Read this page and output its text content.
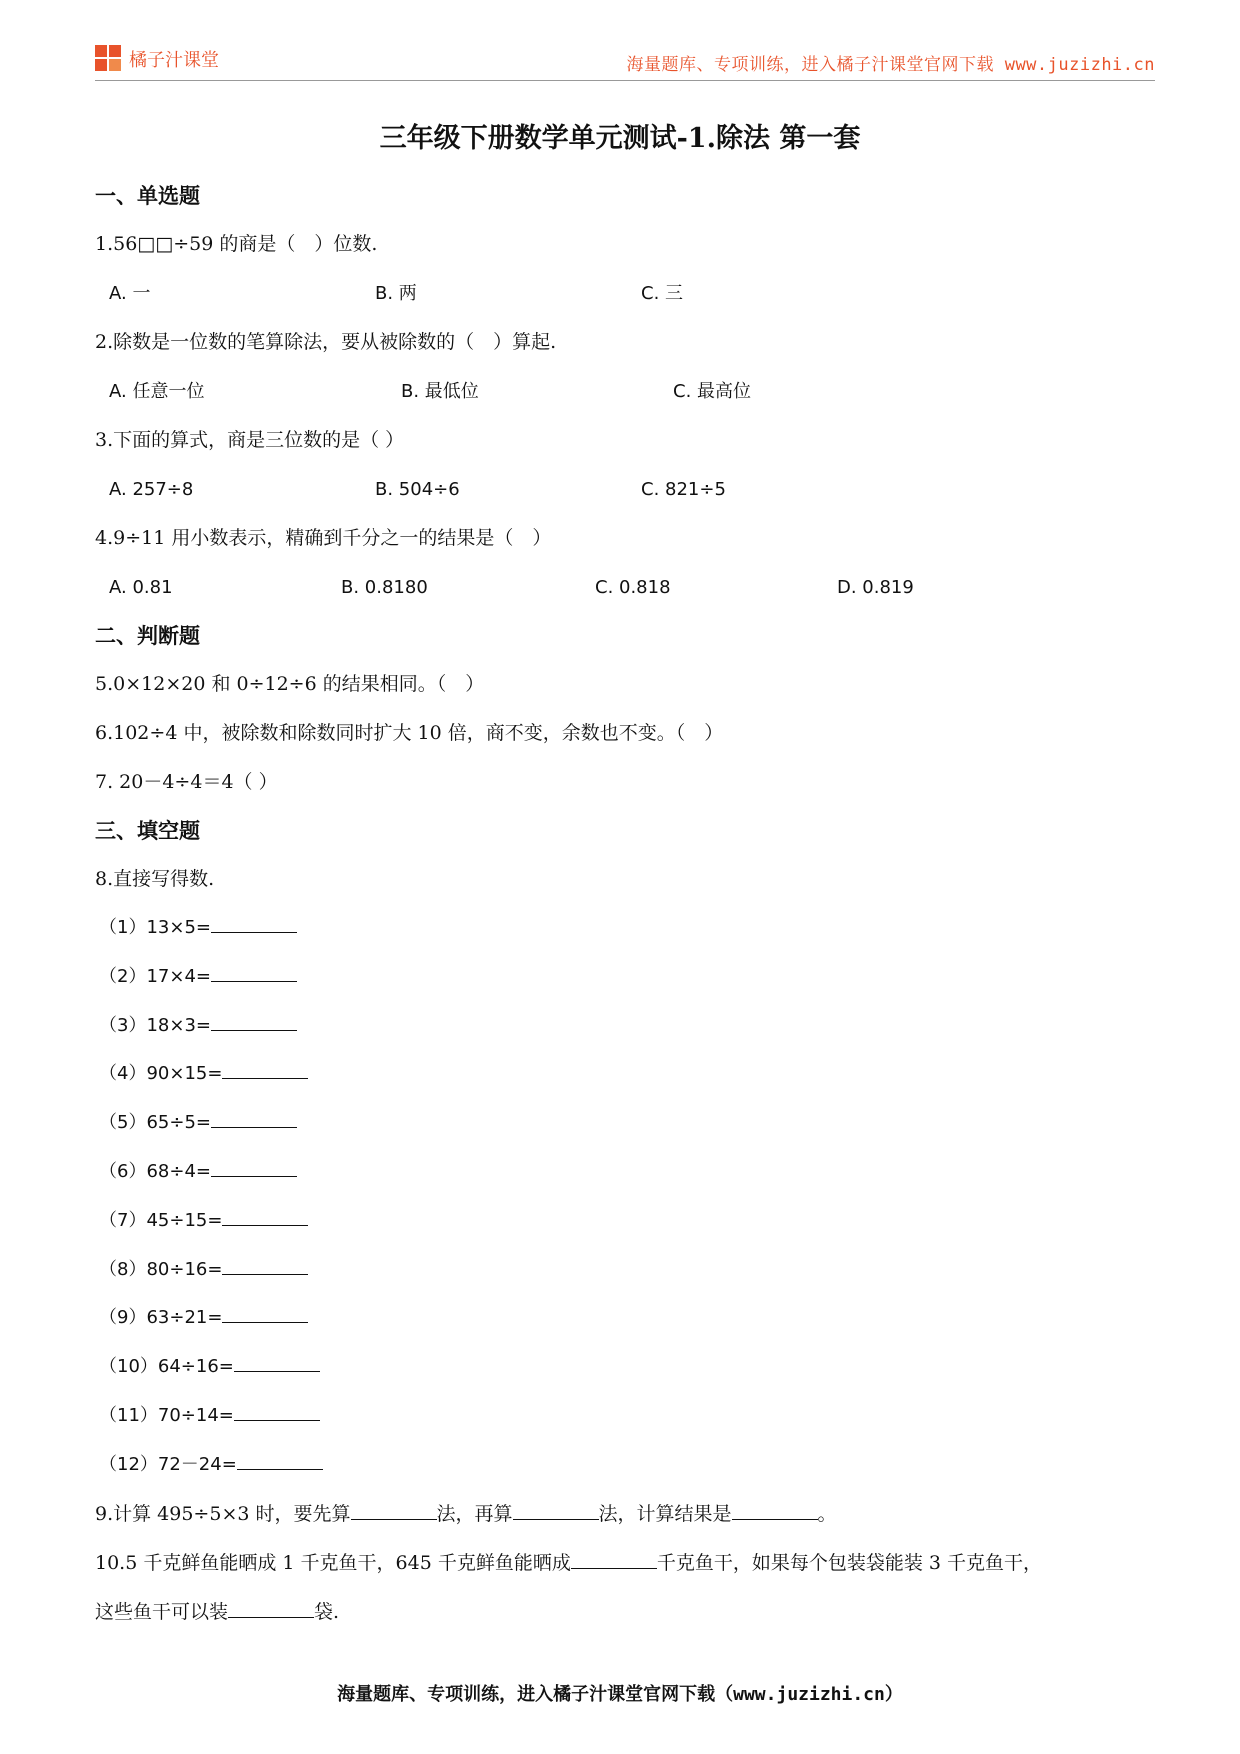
橘子汁课堂	海量题库、专项训练，进入橘子汁课堂官网下载 www.juzizhi.cn
三年级下册数学单元测试-1.除法 第一套
一、单选题
1.56□□÷59 的商是（　）位数.
A. 一	B. 两	C. 三
2.除数是一位数的笔算除法，要从被除数的（　）算起.
A. 任意一位	B. 最低位	C. 最高位
3.下面的算式，商是三位数的是（ ）
A. 257÷8	B. 504÷6	C. 821÷5
4.9÷11 用小数表示，精确到千分之一的结果是（　）
A. 0.81	B. 0.8180	C. 0.818	D. 0.819
二、判断题
5.0×12×20 和 0÷12÷6 的结果相同。（　）
6.102÷4 中，被除数和除数同时扩大 10 倍，商不变，余数也不变。（　）
7. 20－4÷4＝4（ ）
三、填空题
8.直接写得数.
（1）13×5=
（2）17×4=
（3）18×3=
（4）90×15=
（5）65÷5=
（6）68÷4=
（7）45÷15=
（8）80÷16=
（9）63÷21=
（10）64÷16=
（11）70÷14=
（12）72－24=
9.计算 495÷5×3 时，要先算	法，再算	法，计算结果是	。
10.5 千克鲜鱼能晒成 1 千克鱼干，645 千克鲜鱼能晒成	千克鱼干，如果每个包装袋能装 3 千克鱼干，
这些鱼干可以装	袋.
海量题库、专项训练，进入橘子汁课堂官网下载（www.juzizhi.cn）
